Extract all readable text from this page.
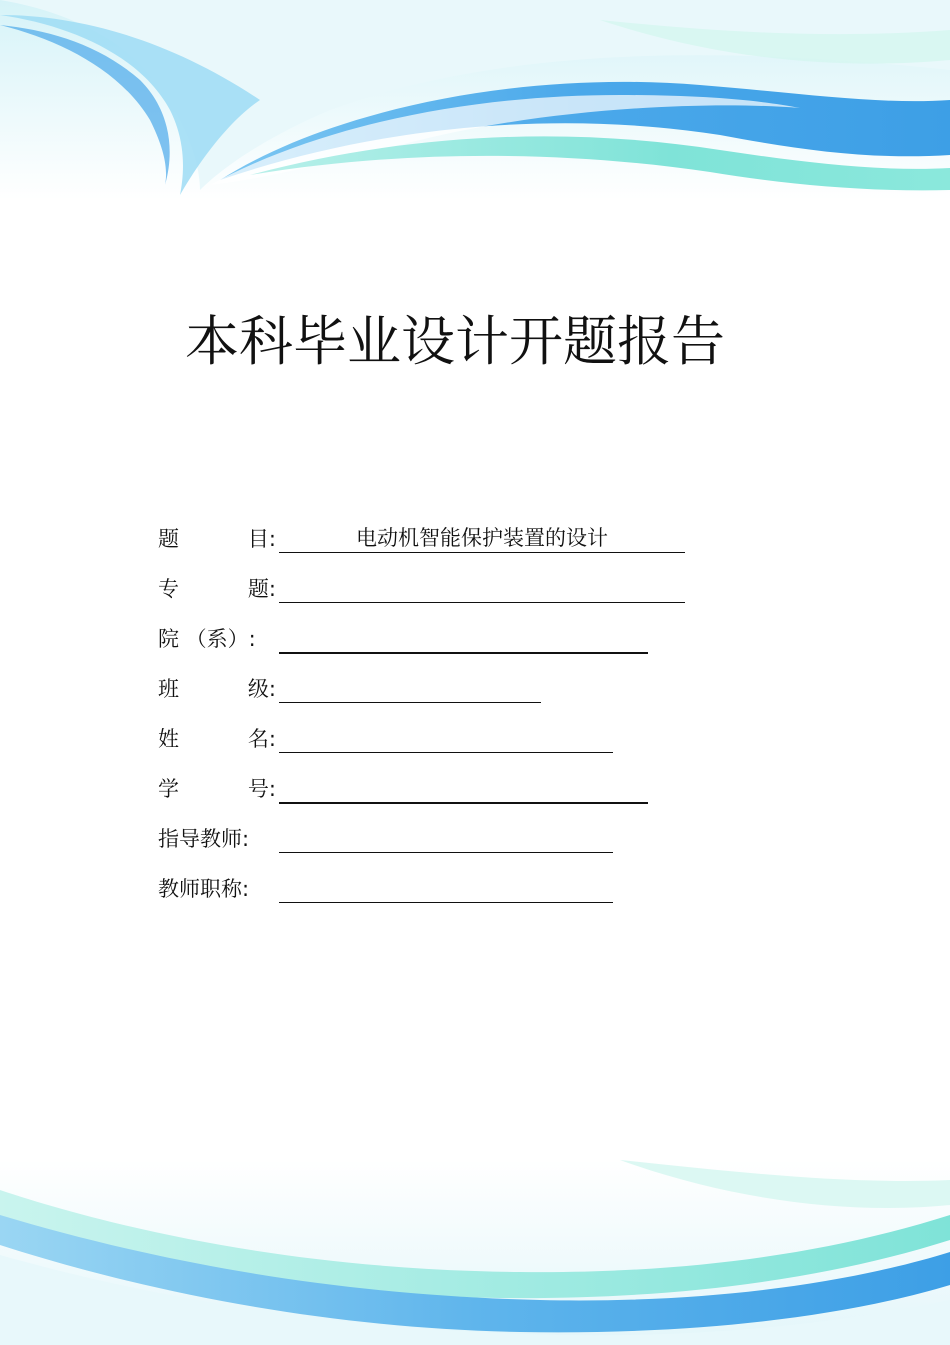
本科毕业设计开题报告
题	目:	电动机智能保护装置的设计
专	题:
院 （系）:
班	级:
姓	名:
学	号:
指导教师:
教师职称:
